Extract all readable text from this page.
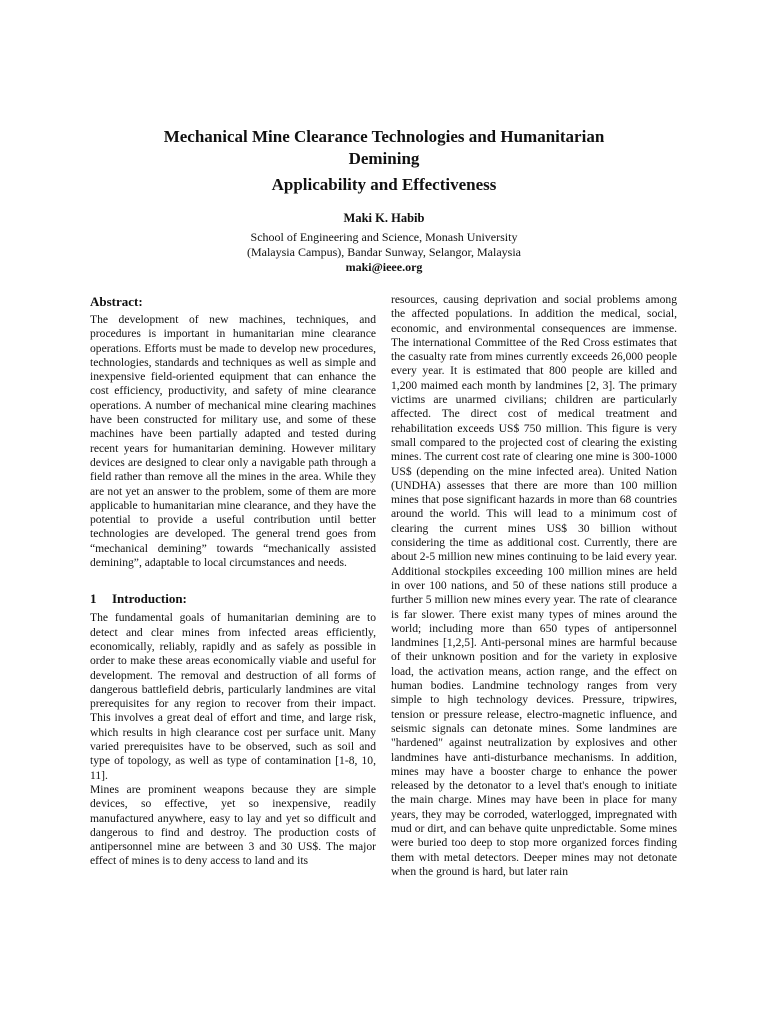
Mechanical Mine Clearance Technologies and Humanitarian
Demining
Applicability and Effectiveness
Maki K. Habib
School of Engineering and Science, Monash University
(Malaysia Campus), Bandar Sunway, Selangor, Malaysia
maki@ieee.org
Abstract:

The development of new machines, techniques, and procedures is important in humanitarian mine clearance operations. Efforts must be made to develop new procedures, technologies, standards and techniques as well as simple and inexpensive field-oriented equipment that can enhance the cost efficiency, productivity, and safety of mine clearance operations. A number of mechanical mine clearing machines have been constructed for military use, and some of these machines have been partially adapted and tested during recent years for humanitarian demining. However military devices are designed to clear only a navigable path through a field rather than remove all the mines in the area. While they are not yet an answer to the problem, some of them are more applicable to humanitarian mine clearance, and they have the potential to provide a useful contribution until better technologies are developed. The general trend goes from “mechanical demining” towards “mechanically assisted demining”, adaptable to local circumstances and needs.

1 Introduction:

The fundamental goals of humanitarian demining are to detect and clear mines from infected areas efficiently, economically, reliably, rapidly and as safely as possible in order to make these areas economically viable and useful for development. The removal and destruction of all forms of dangerous battlefield debris, particularly landmines are vital prerequisites for any region to recover from their impact. This involves a great deal of effort and time, and large risk, which results in high clearance cost per surface unit. Many varied prerequisites have to be observed, such as soil and type of topology, as well as type of contamination [1-8, 10, 11].

Mines are prominent weapons because they are simple devices, so effective, yet so inexpensive, readily manufactured anywhere, easy to lay and yet so difficult and dangerous to find and destroy. The production costs of antipersonnel mine are between 3 and 30 US$. The major effect of mines is to deny access to land and its

resources, causing deprivation and social problems among the affected populations. In addition the medical, social, economic, and environmental consequences are immense. The international Committee of the Red Cross estimates that the casualty rate from mines currently exceeds 26,000 people every year. It is estimated that 800 people are killed and 1,200 maimed each month by landmines [2, 3]. The primary victims are unarmed civilians; children are particularly affected. The direct cost of medical treatment and rehabilitation exceeds US$ 750 million. This figure is very small compared to the projected cost of clearing the existing mines. The current cost rate of clearing one mine is 300-1000 US$ (depending on the mine infected area). United Nation (UNDHA) assesses that there are more than 100 million mines that pose significant hazards in more than 68 countries around the world. This will lead to a minimum cost of clearing the current mines US$ 30 billion without considering the time as additional cost. Currently, there are about 2-5 million new mines continuing to be laid every year. Additional stockpiles exceeding 100 million mines are held in over 100 nations, and 50 of these nations still produce a further 5 million new mines every year. The rate of clearance is far slower. There exist many types of mines around the world; including more than 650 types of antipersonnel landmines [1,2,5]. Anti-personal mines are harmful because of their unknown position and for the variety in explosive load, the activation means, action range, and the effect on human bodies. Landmine technology ranges from very simple to high technology devices. Pressure, tripwires, tension or pressure release, electro-magnetic influence, and seismic signals can detonate mines. Some landmines are "hardened" against neutralization by explosives and other landmines have anti-disturbance mechanisms. In addition, mines may have a booster charge to enhance the power released by the detonator to a level that's enough to initiate the main charge. Mines may have been in place for many years, they may be corroded, waterlogged, impregnated with mud or dirt, and can behave quite unpredictable. Some mines were buried too deep to stop more organized forces finding them with metal detectors. Deeper mines may not detonate when the ground is hard, but later rain
